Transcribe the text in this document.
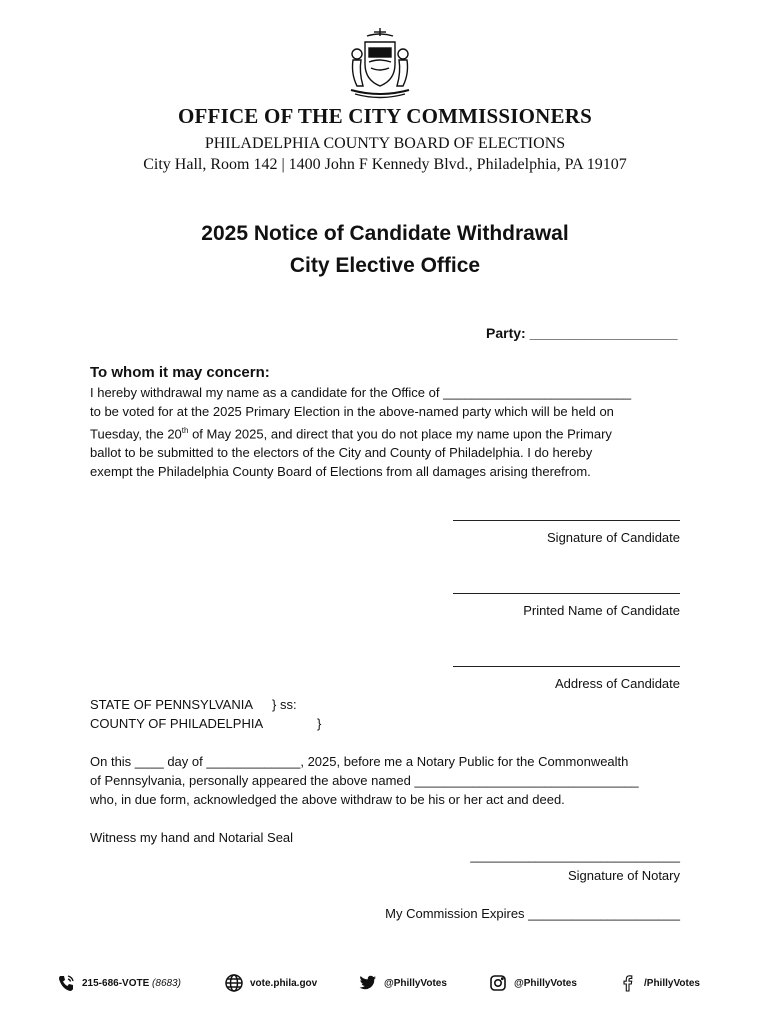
OFFICE OF THE CITY COMMISSIONERS
PHILADELPHIA COUNTY BOARD OF ELECTIONS
City Hall, Room 142 | 1400 John F Kennedy Blvd., Philadelphia, PA 19107
2025 Notice of Candidate Withdrawal
City Elective Office
Party: ___________________
To whom it may concern:

I hereby withdrawal my name as a candidate for the Office of __________________________

to be voted for at the 2025 Primary Election in the above-named party which will be held on

Tuesday, the 20th of May 2025, and direct that you do not place my name upon the Primary

ballot to be submitted to the electors of the City and County of Philadelphia. I do hereby

exempt the Philadelphia County Board of Elections from all damages arising therefrom.

Signature of Candidate
Printed Name of Candidate
Address of Candidate
STATE OF PENNSYLVANIA } ss:
COUNTY OF PHILADELPHIA	}
On this ____ day of _____________, 2025, before me a Notary Public for the Commonwealth
of Pennsylvania, personally appeared the above named _______________________________
who, in due form, acknowledged the above withdraw to be his or her act and deed.
Witness my hand and Notarial Seal
_____________________________
Signature of Notary
My Commission Expires _____________________
215-686-VOTE (8683)	vote.phila.gov	@PhillyVotes	@PhillyVotes	/PhillyVotes
